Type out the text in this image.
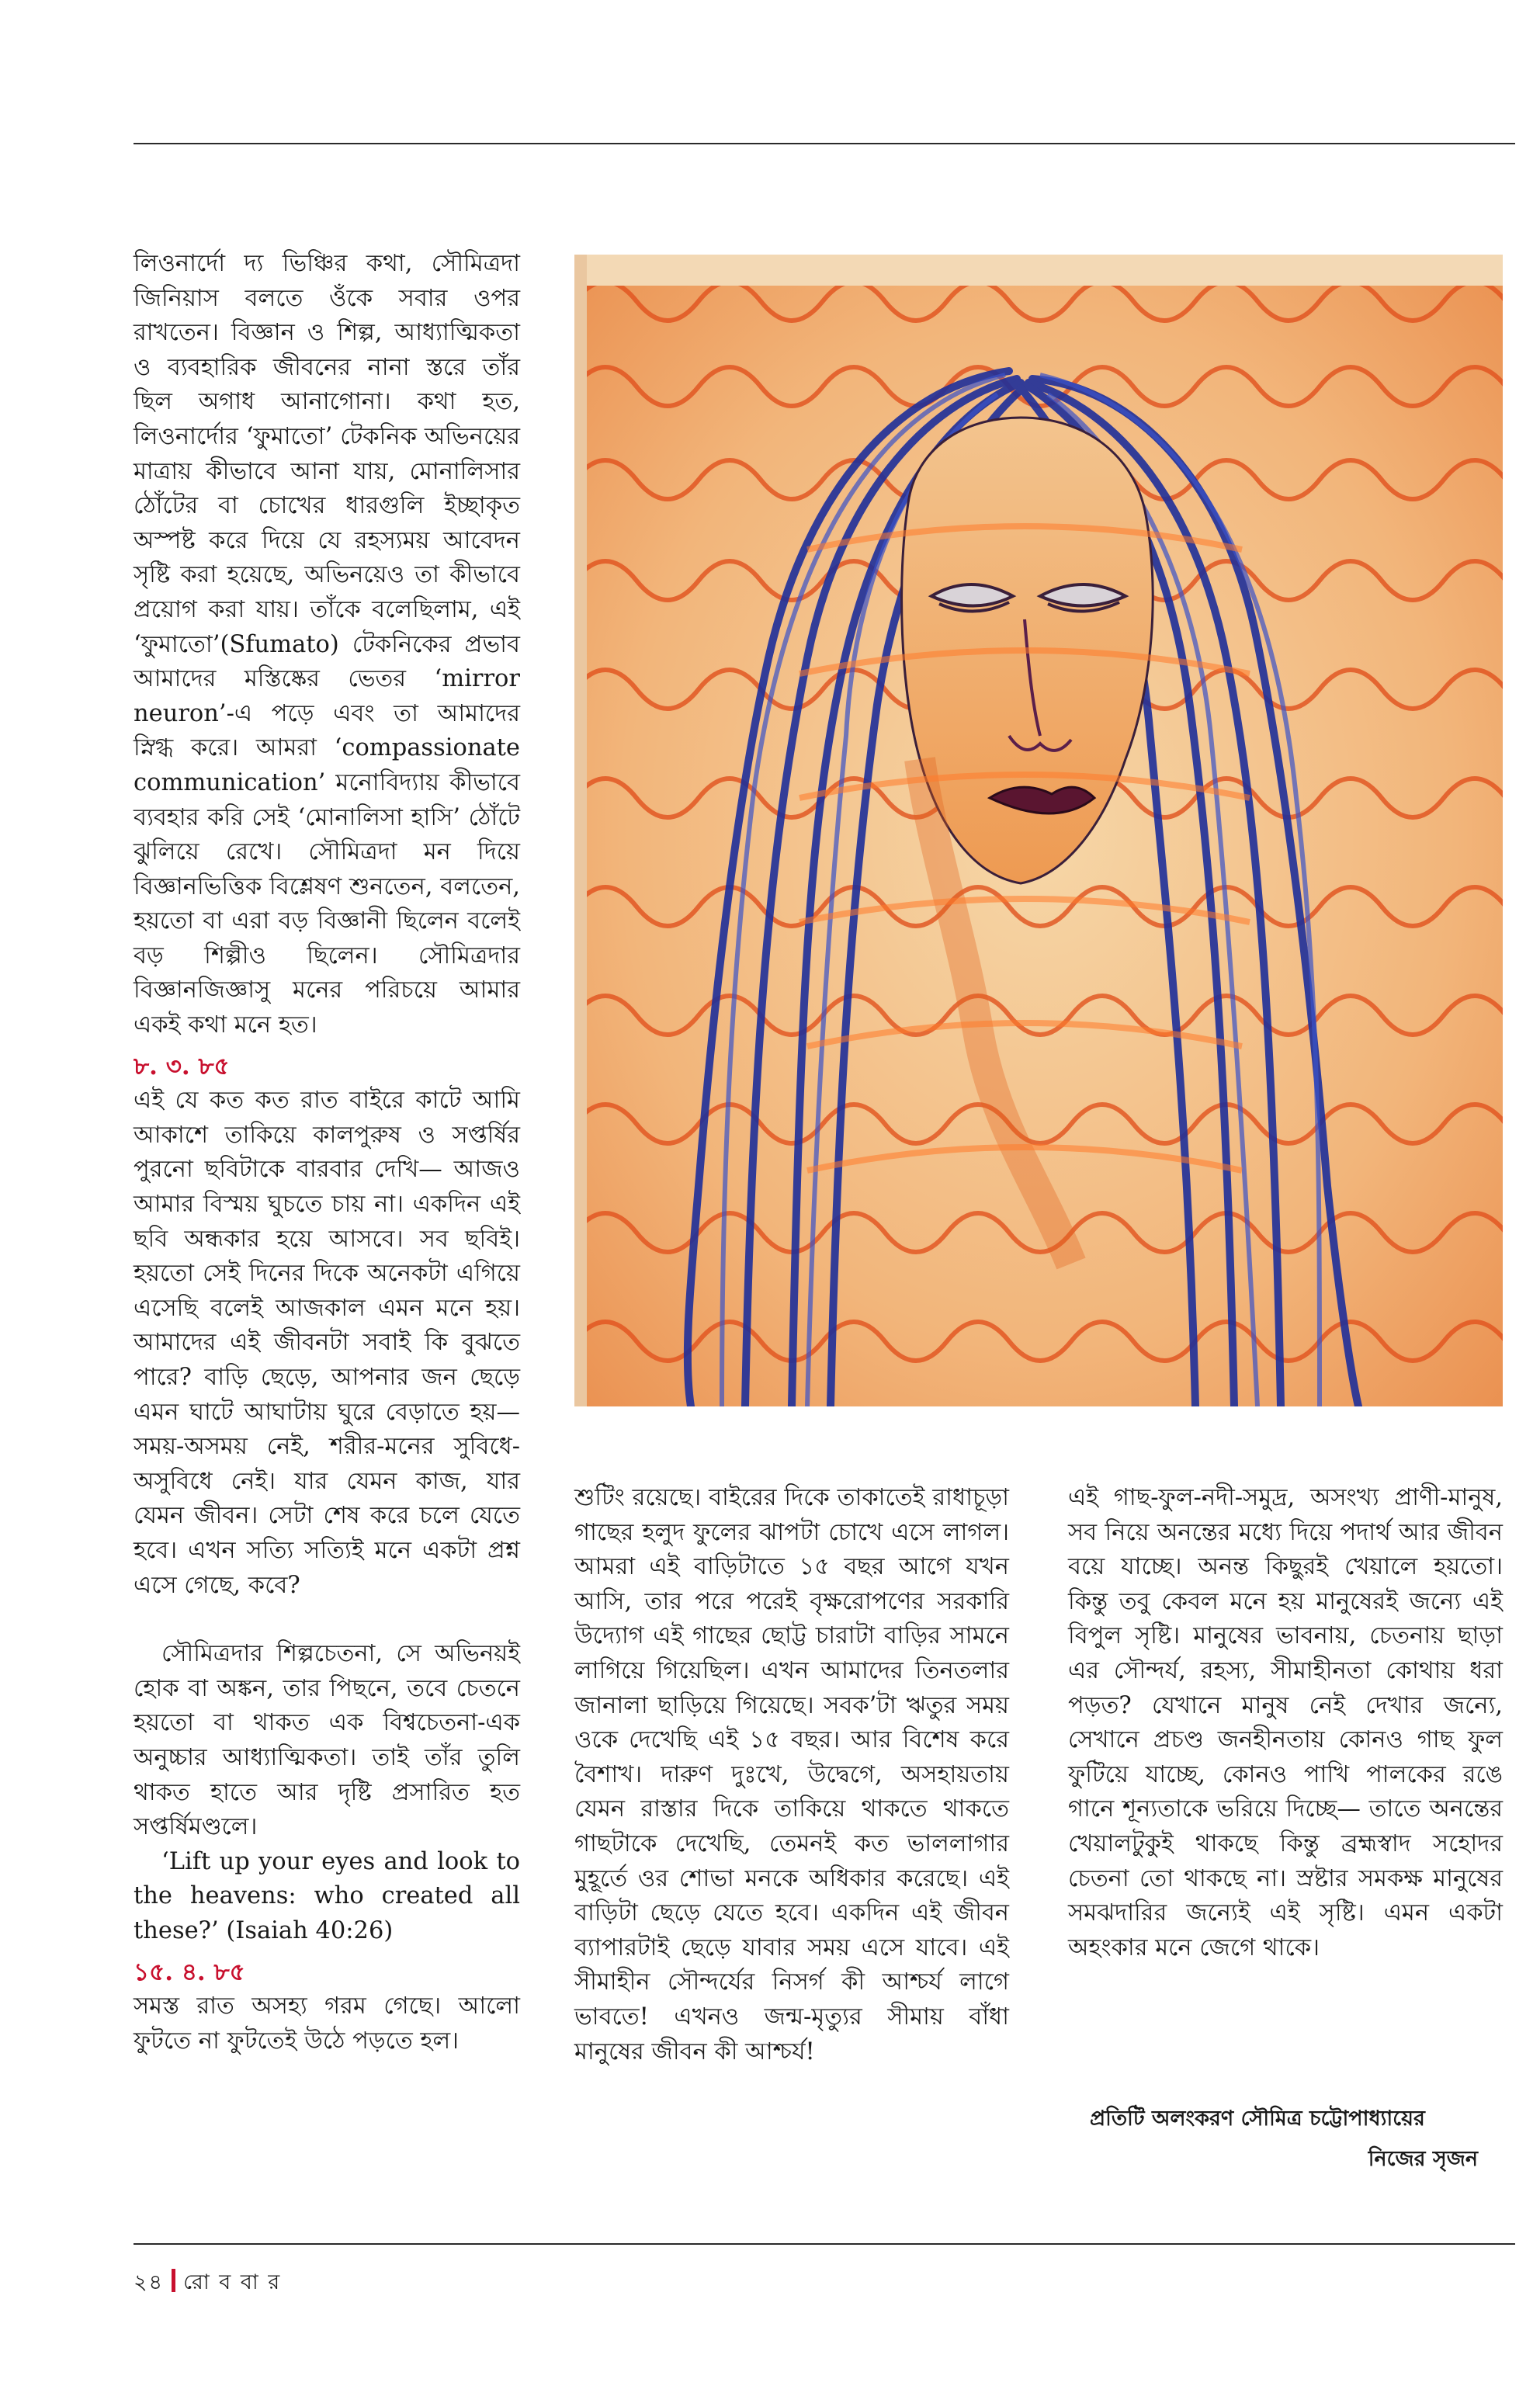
লিওনার্দো দ্য ভিঞ্চির কথা, সৌমিত্রদা জিনিয়াস বলতে ওঁকে সবার ওপর রাখতেন। বিজ্ঞান ও শিল্প, আধ্যাত্মিকতা ও ব্যবহারিক জীবনের নানা স্তরে তাঁর ছিল অগাধ আনাগোনা। কথা হত, লিওনার্দোর ‘ফুমাতো’ টেকনিক অভিনয়ের মাত্রায় কীভাবে আনা যায়, মোনালিসার ঠোঁটের বা চোখের ধারগুলি ইচ্ছাকৃত অস্পষ্ট করে দিয়ে যে রহস্যময় আবেদন সৃষ্টি করা হয়েছে, অভিনয়েও তা কীভাবে প্রয়োগ করা যায়। তাঁকে বলেছিলাম, এই ‘ফুমাতো’(Sfumato) টেকনিকের প্রভাব আমাদের মস্তিষ্কের ভেতর ‘mirror neuron’-এ পড়ে এবং তা আমাদের স্নিগ্ধ করে। আমরা ‘compassionate communication’ মনোবিদ্যায় কীভাবে ব্যবহার করি সেই ‘মোনালিসা হাসি’ ঠোঁটে ঝুলিয়ে রেখে। সৌমিত্রদা মন দিয়ে বিজ্ঞানভিত্তিক বিশ্লেষণ শুনতেন, বলতেন, হয়তো বা এরা বড় বিজ্ঞানী ছিলেন বলেই বড় শিল্পীও ছিলেন। সৌমিত্রদার বিজ্ঞানজিজ্ঞাসু মনের পরিচয়ে আমার একই কথা মনে হত।

৮. ৩. ৮৫

এই যে কত কত রাত বাইরে কাটে আমি আকাশে তাকিয়ে কালপুরুষ ও সপ্তর্ষির পুরনো ছবিটাকে বারবার দেখি— আজও আমার বিস্ময় ঘুচতে চায় না। একদিন এই ছবি অন্ধকার হয়ে আসবে। সব ছবিই। হয়তো সেই দিনের দিকে অনেকটা এগিয়ে এসেছি বলেই আজকাল এমন মনে হয়। আমাদের এই জীবনটা সবাই কি বুঝতে পারে? বাড়ি ছেড়ে, আপনার জন ছেড়ে এমন ঘাটে আঘাটায় ঘুরে বেড়াতে হয়— সময়-অসময় নেই, শরীর-মনের সুবিধে-অসুবিধে নেই। যার যেমন কাজ, যার যেমন জীবন। সেটা শেষ করে চলে যেতে হবে। এখন সত্যি সত্যিই মনে একটা প্রশ্ন এসে গেছে, কবে?

সৌমিত্রদার শিল্পচেতনা, সে অভিনয়ই হোক বা অঙ্কন, তার পিছনে, তবে চেতনে হয়তো বা থাকত এক বিশ্বচেতনা-এক অনুচ্চার আধ্যাত্মিকতা। তাই তাঁর তুলি থাকত হাতে আর দৃষ্টি প্রসারিত হত সপ্তর্ষিমণ্ডলে।

‘Lift up your eyes and look to the heavens: who created all these?’ (Isaiah 40:26)

১৫. ৪. ৮৫

সমস্ত রাত অসহ্য গরম গেছে। আলো ফুটতে না ফুটতেই উঠে পড়তে হল।

শুটিং রয়েছে। বাইরের দিকে তাকাতেই রাধাচূড়া গাছের হলুদ ফুলের ঝাপটা চোখে এসে লাগল। আমরা এই বাড়িটাতে ১৫ বছর আগে যখন আসি, তার পরে পরেই বৃক্ষরোপণের সরকারি উদ্যোগ এই গাছের ছোট্ট চারাটা বাড়ির সামনে লাগিয়ে গিয়েছিল। এখন আমাদের তিনতলার জানালা ছাড়িয়ে গিয়েছে। সবক’টা ঋতুর সময় ওকে দেখেছি এই ১৫ বছর। আর বিশেষ করে বৈশাখ। দারুণ দুঃখে, উদ্বেগে, অসহায়তায় যেমন রাস্তার দিকে তাকিয়ে থাকতে থাকতে গাছটাকে দেখেছি, তেমনই কত ভাললাগার মুহূর্তে ওর শোভা মনকে অধিকার করেছে। এই বাড়িটা ছেড়ে যেতে হবে। একদিন এই জীবন ব্যাপারটাই ছেড়ে যাবার সময় এসে যাবে। এই সীমাহীন সৌন্দর্যের নিসর্গ কী আশ্চর্য লাগে ভাবতে! এখনও জন্ম-মৃত্যুর সীমায় বাঁধা মানুষের জীবন কী আশ্চর্য!

এই গাছ-ফুল-নদী-সমুদ্র, অসংখ্য প্রাণী-মানুষ, সব নিয়ে অনন্তের মধ্যে দিয়ে পদার্থ আর জীবন বয়ে যাচ্ছে। অনন্ত কিছুরই খেয়ালে হয়তো। কিন্তু তবু কেবল মনে হয় মানুষেরই জন্যে এই বিপুল সৃষ্টি। মানুষের ভাবনায়, চেতনায় ছাড়া এর সৌন্দর্য, রহস্য, সীমাহীনতা কোথায় ধরা পড়ত? যেখানে মানুষ নেই দেখার জন্যে, সেখানে প্রচণ্ড জনহীনতায় কোনও গাছ ফুল ফুটিয়ে যাচ্ছে, কোনও পাখি পালকের রঙে গানে শূন্যতাকে ভরিয়ে দিচ্ছে— তাতে অনন্তের খেয়ালটুকুই থাকছে কিন্তু ব্রহ্মস্বাদ সহোদর চেতনা তো থাকছে না। স্রষ্টার সমকক্ষ মানুষের সমঝদারির জন্যেই এই সৃষ্টি। এমন একটা অহংকার মনে জেগে থাকে।

প্রতিটি অলংকরণ সৌমিত্র চট্টোপাধ্যায়ের
নিজের সৃজন
২৪ রো ব বা র
